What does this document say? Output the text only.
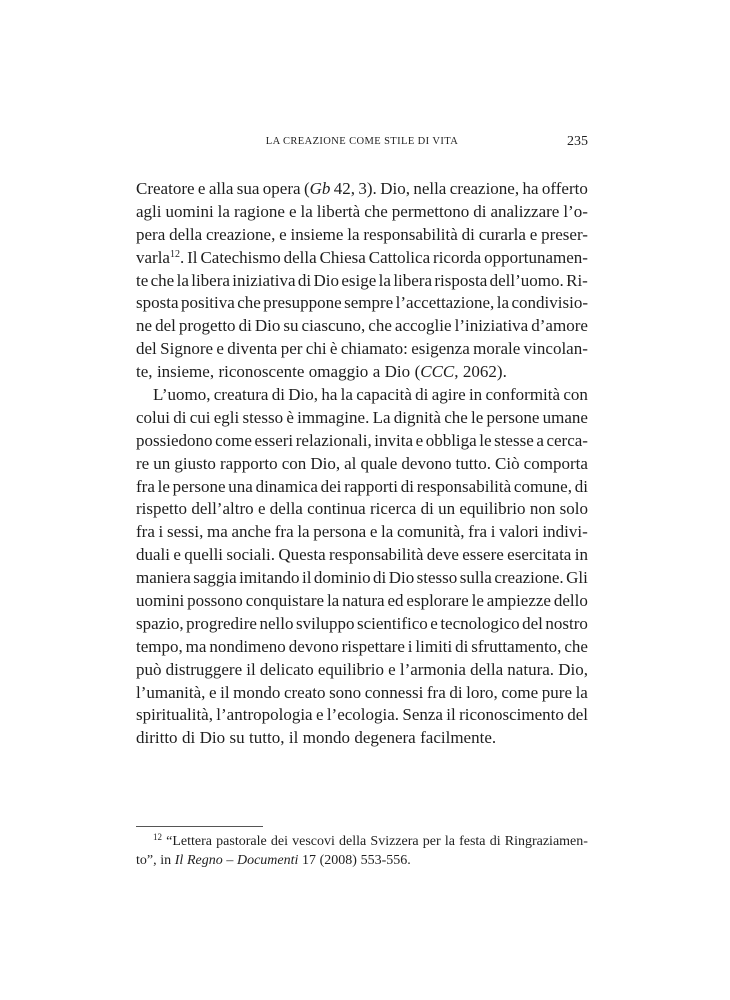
LA CREAZIONE COME STILE DI VITA	235
Creatore e alla sua opera (Gb 42, 3). Dio, nella creazione, ha offerto
agli uomini la ragione e la libertà che permettono di analizzare l’o-
pera della creazione, e insieme la responsabilità di curarla e preser-
varla$^{12}$. Il Catechismo della Chiesa Cattolica ricorda opportunamen-
te che la libera iniziativa di Dio esige la libera risposta dell’uomo. Ri-
sposta positiva che presuppone sempre l’accettazione, la condivisio-
ne del progetto di Dio su ciascuno, che accoglie l’iniziativa d’amore
del Signore e diventa per chi è chiamato: esigenza morale vincolan-
te, insieme, riconoscente omaggio a Dio (CCC, 2062).
L’uomo, creatura di Dio, ha la capacità di agire in conformità con
colui di cui egli stesso è immagine. La dignità che le persone umane
possiedono come esseri relazionali, invita e obbliga le stesse a cerca-
re un giusto rapporto con Dio, al quale devono tutto. Ciò comporta
fra le persone una dinamica dei rapporti di responsabilità comune, di
rispetto dell’altro e della continua ricerca di un equilibrio non solo
fra i sessi, ma anche fra la persona e la comunità, fra i valori indivi-
duali e quelli sociali. Questa responsabilità deve essere esercitata in
maniera saggia imitando il dominio di Dio stesso sulla creazione. Gli
uomini possono conquistare la natura ed esplorare le ampiezze dello
spazio, progredire nello sviluppo scientifico e tecnologico del nostro
tempo, ma nondimeno devono rispettare i limiti di sfruttamento, che
può distruggere il delicato equilibrio e l’armonia della natura. Dio,
l’umanità, e il mondo creato sono connessi fra di loro, come pure la
spiritualità, l’antropologia e l’ecologia. Senza il riconoscimento del
diritto di Dio su tutto, il mondo degenera facilmente.
$^{12}$ “Lettera pastorale dei vescovi della Svizzera per la festa di Ringraziamen-
to”, in Il Regno – Documenti 17 (2008) 553-556.
